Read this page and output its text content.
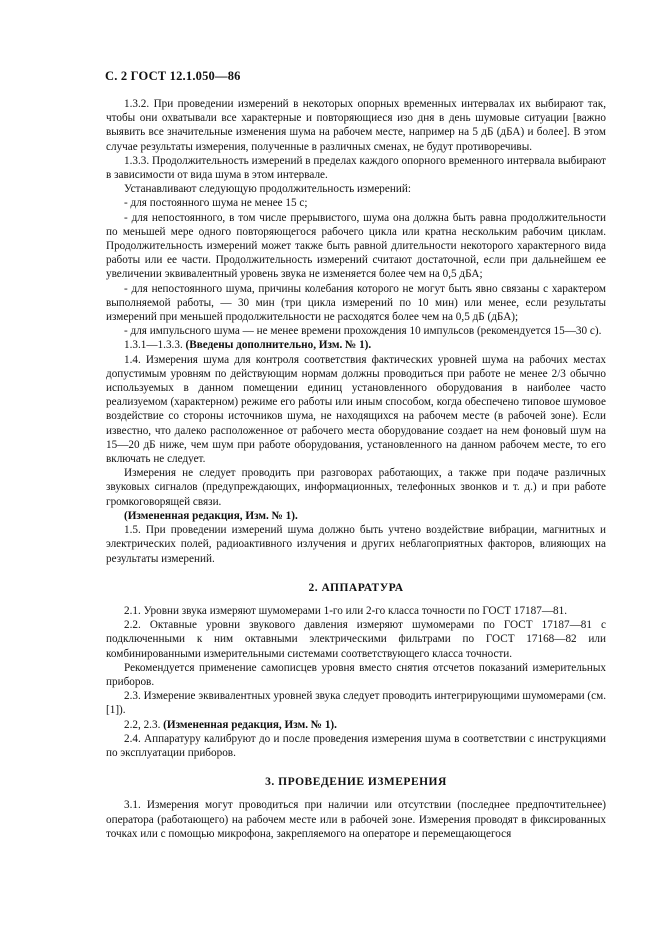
С. 2 ГОСТ 12.1.050—86

1.3.2. При проведении измерений в некоторых опорных временных интервалах их выбирают так, чтобы они охватывали все характерные и повторяющиеся изо дня в день шумовые ситуации [важно выявить все значительные изменения шума на рабочем месте, например на 5 дБ (дБА) и более]. В этом случае результаты измерения, полученные в различных сменах, не будут противоречивы.

1.3.3. Продолжительность измерений в пределах каждого опорного временного интервала выбирают в зависимости от вида шума в этом интервале.

Устанавливают следующую продолжительность измерений:

- для постоянного шума не менее 15 с;

- для непостоянного, в том числе прерывистого, шума она должна быть равна продолжительности по меньшей мере одного повторяющегося рабочего цикла или кратна нескольким рабочим циклам. Продолжительность измерений может также быть равной длительности некоторого характерного вида работы или ее части. Продолжительность измерений считают достаточной, если при дальнейшем ее увеличении эквивалентный уровень звука не изменяется более чем на 0,5 дБА;

- для непостоянного шума, причины колебания которого не могут быть явно связаны с характером выполняемой работы, — 30 мин (три цикла измерений по 10 мин) или менее, если результаты измерений при меньшей продолжительности не расходятся более чем на 0,5 дБ (дБА);

- для импульсного шума — не менее времени прохождения 10 импульсов (рекомендуется 15—30 с).

1.3.1—1.3.3. (Введены дополнительно, Изм. № 1).

1.4. Измерения шума для контроля соответствия фактических уровней шума на рабочих местах допустимым уровням по действующим нормам должны проводиться при работе не менее 2/3 обычно используемых в данном помещении единиц установленного оборудования в наиболее часто реализуемом (характерном) режиме его работы или иным способом, когда обеспечено типовое шумовое воздействие со стороны источников шума, не находящихся на рабочем месте (в рабочей зоне). Если известно, что далеко расположенное от рабочего места оборудование создает на нем фоновый шум на 15—20 дБ ниже, чем шум при работе оборудования, установленного на данном рабочем месте, то его включать не следует.

Измерения не следует проводить при разговорах работающих, а также при подаче различных звуковых сигналов (предупреждающих, информационных, телефонных звонков и т. д.) и при работе громкоговорящей связи.

(Измененная редакция, Изм. № 1).

1.5. При проведении измерений шума должно быть учтено воздействие вибрации, магнитных и электрических полей, радиоактивного излучения и других неблагоприятных факторов, влияющих на результаты измерений.

2. АППАРАТУРА

2.1. Уровни звука измеряют шумомерами 1-го или 2-го класса точности по ГОСТ 17187—81.

2.2. Октавные уровни звукового давления измеряют шумомерами по ГОСТ 17187—81 с подключенными к ним октавными электрическими фильтрами по ГОСТ 17168—82 или комбинированными измерительными системами соответствующего класса точности.

Рекомендуется применение самописцев уровня вместо снятия отсчетов показаний измерительных приборов.

2.3. Измерение эквивалентных уровней звука следует проводить интегрирующими шумомерами (см. [1]).

2.2, 2.3. (Измененная редакция, Изм. № 1).

2.4. Аппаратуру калибруют до и после проведения измерения шума в соответствии с инструкциями по эксплуатации приборов.

3. ПРОВЕДЕНИЕ ИЗМЕРЕНИЯ

3.1. Измерения могут проводиться при наличии или отсутствии (последнее предпочтительнее) оператора (работающего) на рабочем месте или в рабочей зоне. Измерения проводят в фиксированных точках или с помощью микрофона, закрепляемого на операторе и перемещающегося
